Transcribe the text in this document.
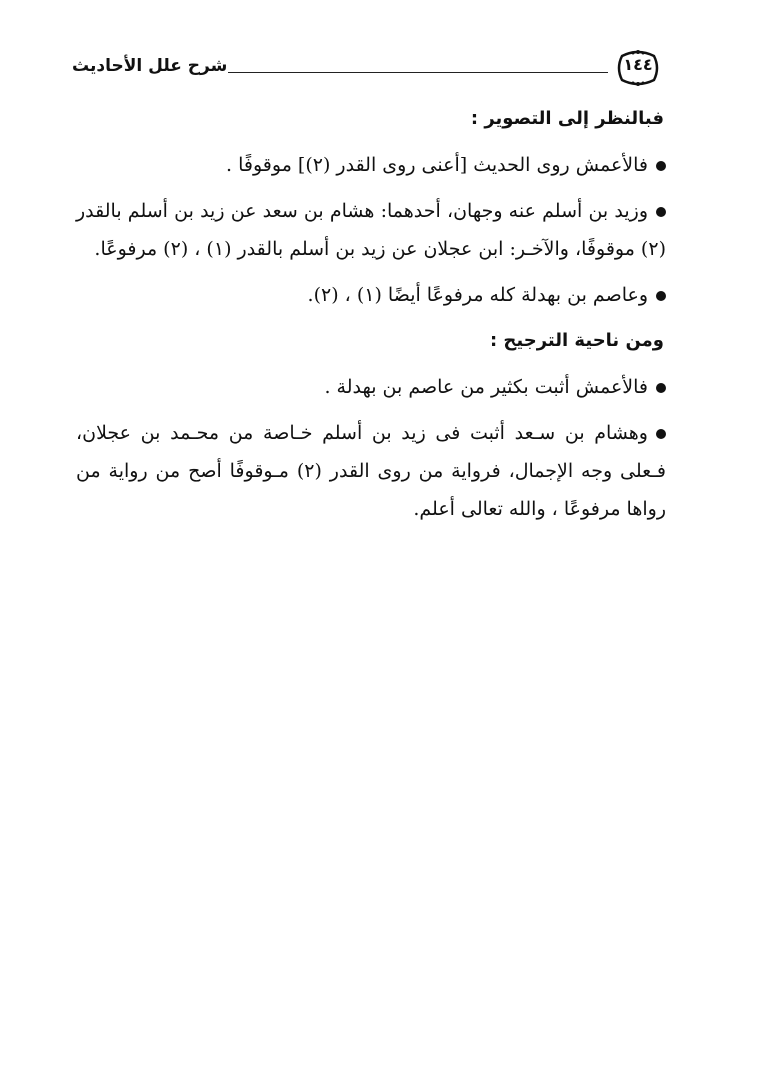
شرح علل الأحاديث	١٤٤
فبالنظر إلى التصوير :

فالأعمش روى الحديث [أعنى روى القدر (٢)] موقوفًا .

وزيد بن أسلم عنه وجهان، أحدهما: هشام بن سعد عن زيد بن أسلم بالقدر (٢) موقوفًا، والآخـر: ابن عجلان عن زيد بن أسلم بالقدر (١) ، (٢) مرفوعًا.

وعاصم بن بهدلة كله مرفوعًا أيضًا (١) ، (٢).

ومن ناحية الترجيح :

فالأعمش أثبت بكثير من عاصم بن بهدلة .

وهشام بن سـعد أثبت فى زيد بن أسلم خـاصة من محـمد بن عجلان، فـعلى وجه الإجمال، فرواية من روى القدر (٢) مـوقوفًا أصح من رواية من رواها مرفوعًا ، والله تعالى أعلم.
